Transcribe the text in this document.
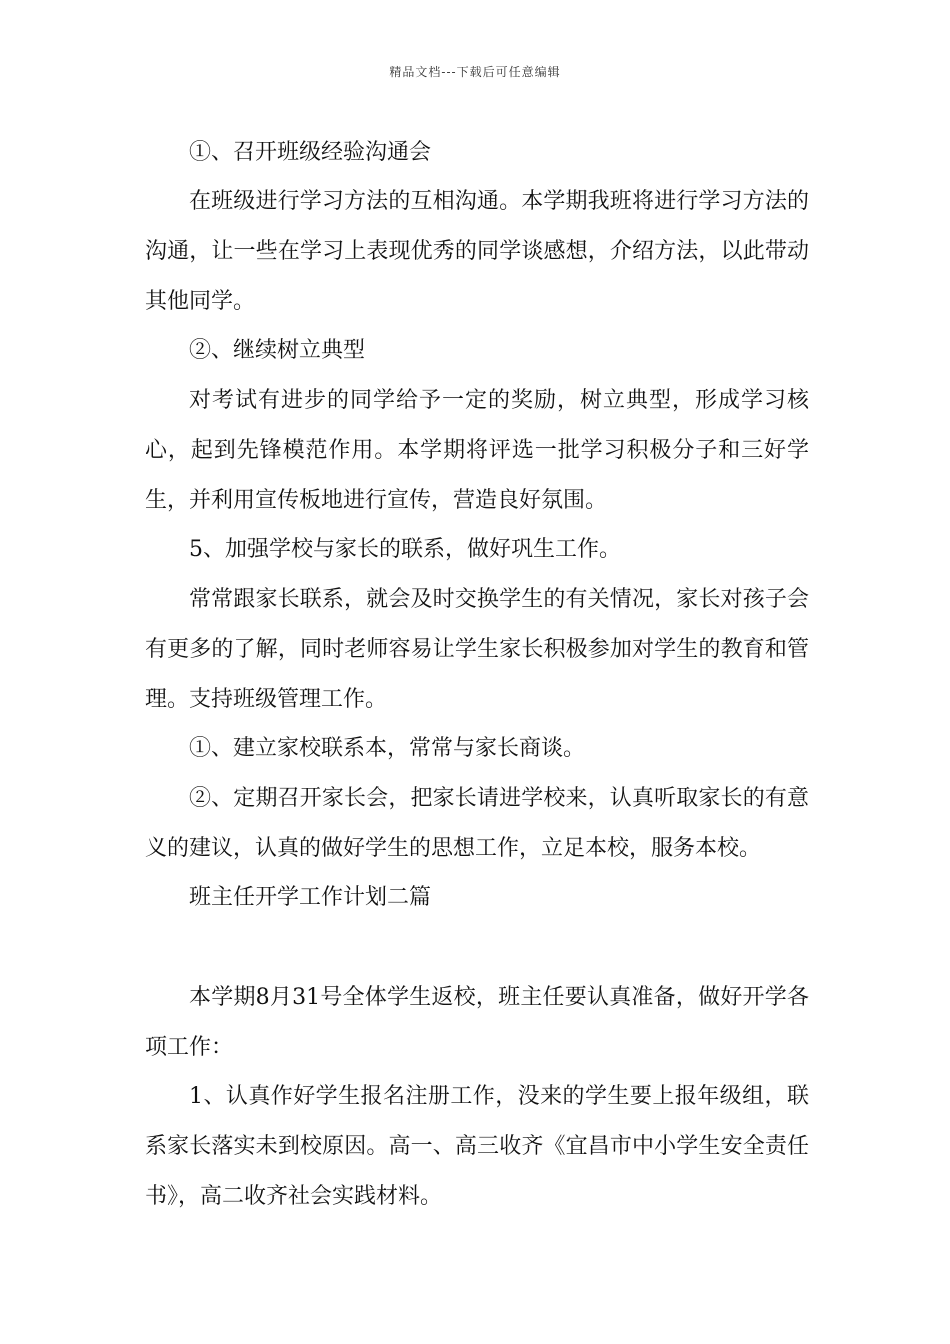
精品文档---下载后可任意编辑

①、召开班级经验沟通会

在班级进行学习方法的互相沟通。本学期我班将进行学习方法的沟通，让一些在学习上表现优秀的同学谈感想，介绍方法，以此带动其他同学。

②、继续树立典型

对考试有进步的同学给予一定的奖励，树立典型，形成学习核心，起到先锋模范作用。本学期将评选一批学习积极分子和三好学生，并利用宣传板地进行宣传，营造良好氛围。

5、加强学校与家长的联系，做好巩生工作。

常常跟家长联系，就会及时交换学生的有关情况，家长对孩子会有更多的了解，同时老师容易让学生家长积极参加对学生的教育和管理。支持班级管理工作。

①、建立家校联系本，常常与家长商谈。

②、定期召开家长会，把家长请进学校来，认真听取家长的有意义的建议，认真的做好学生的思想工作，立足本校，服务本校。

班主任开学工作计划二篇

本学期8月31号全体学生返校，班主任要认真准备，做好开学各项工作：

1、认真作好学生报名注册工作，没来的学生要上报年级组，联系家长落实未到校原因。高一、高三收齐《宜昌市中小学生安全责任书》，高二收齐社会实践材料。
